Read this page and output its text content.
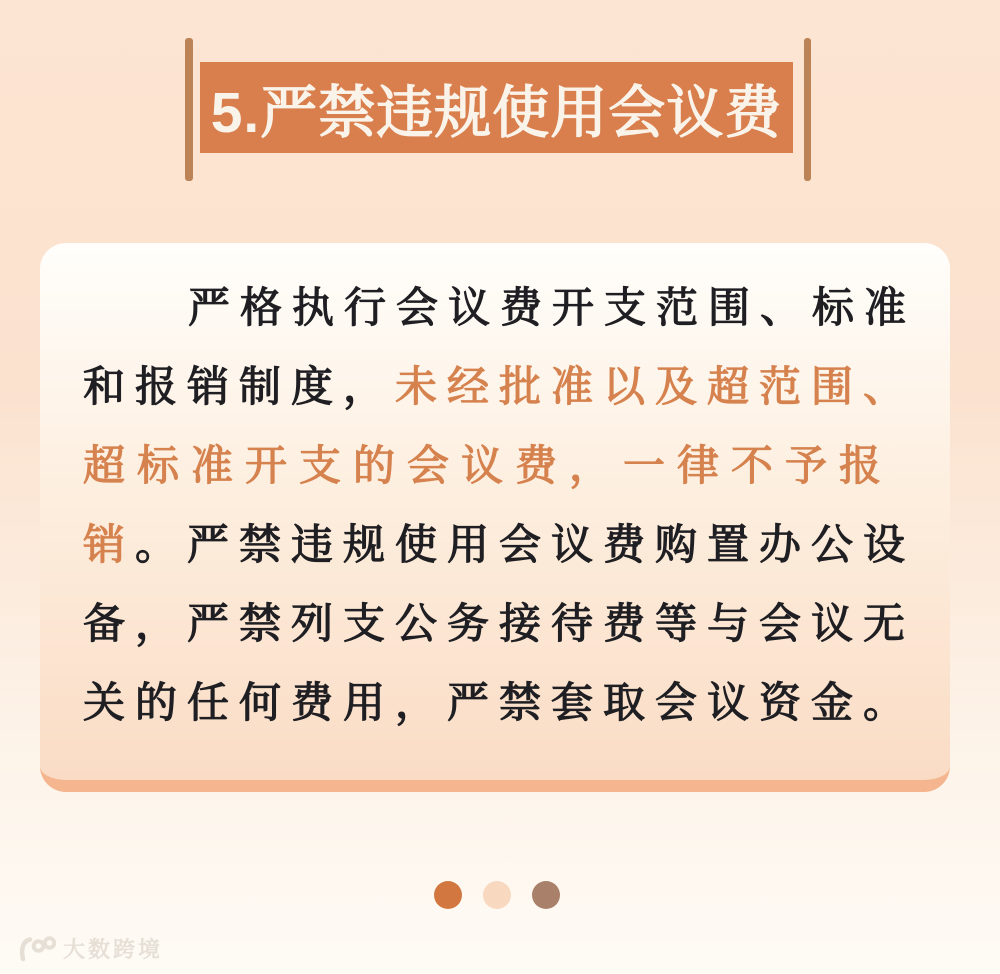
5.严禁违规使用会议费
严格执行会议费开支范围、标准
和报销制度，未经批准以及超范围、
超标准开支的会议费，一律不予报
销。严禁违规使用会议费购置办公设
备，严禁列支公务接待费等与会议无
关的任何费用，严禁套取会议资金。
大数跨境
